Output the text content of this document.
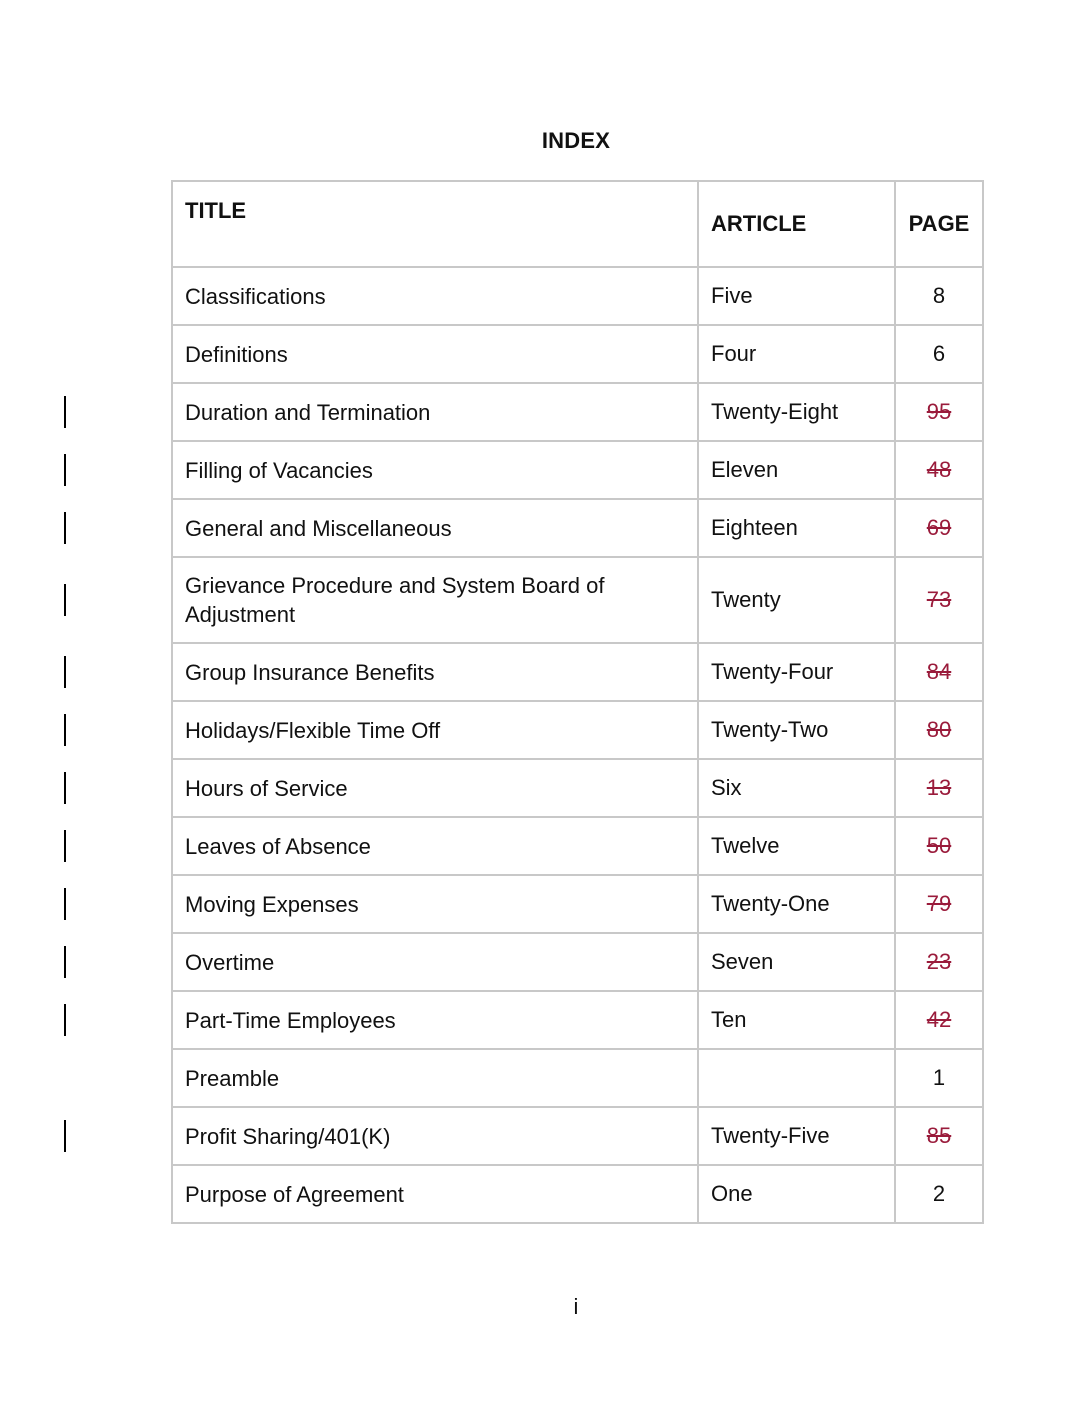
INDEX
TITLE	ARTICLE	PAGE
Classifications	Five	8
Definitions	Four	6
Duration and Termination	Twenty-Eight	95
Filling of Vacancies	Eleven	48
General and Miscellaneous	Eighteen	69
Grievance Procedure and System Board of Adjustment	Twenty	73
Group Insurance Benefits	Twenty-Four	84
Holidays/Flexible Time Off	Twenty-Two	80
Hours of Service	Six	13
Leaves of Absence	Twelve	50
Moving Expenses	Twenty-One	79
Overtime	Seven	23
Part-Time Employees	Ten	42
Preamble		1
Profit Sharing/401(K)	Twenty-Five	85
Purpose of Agreement	One	2
i
